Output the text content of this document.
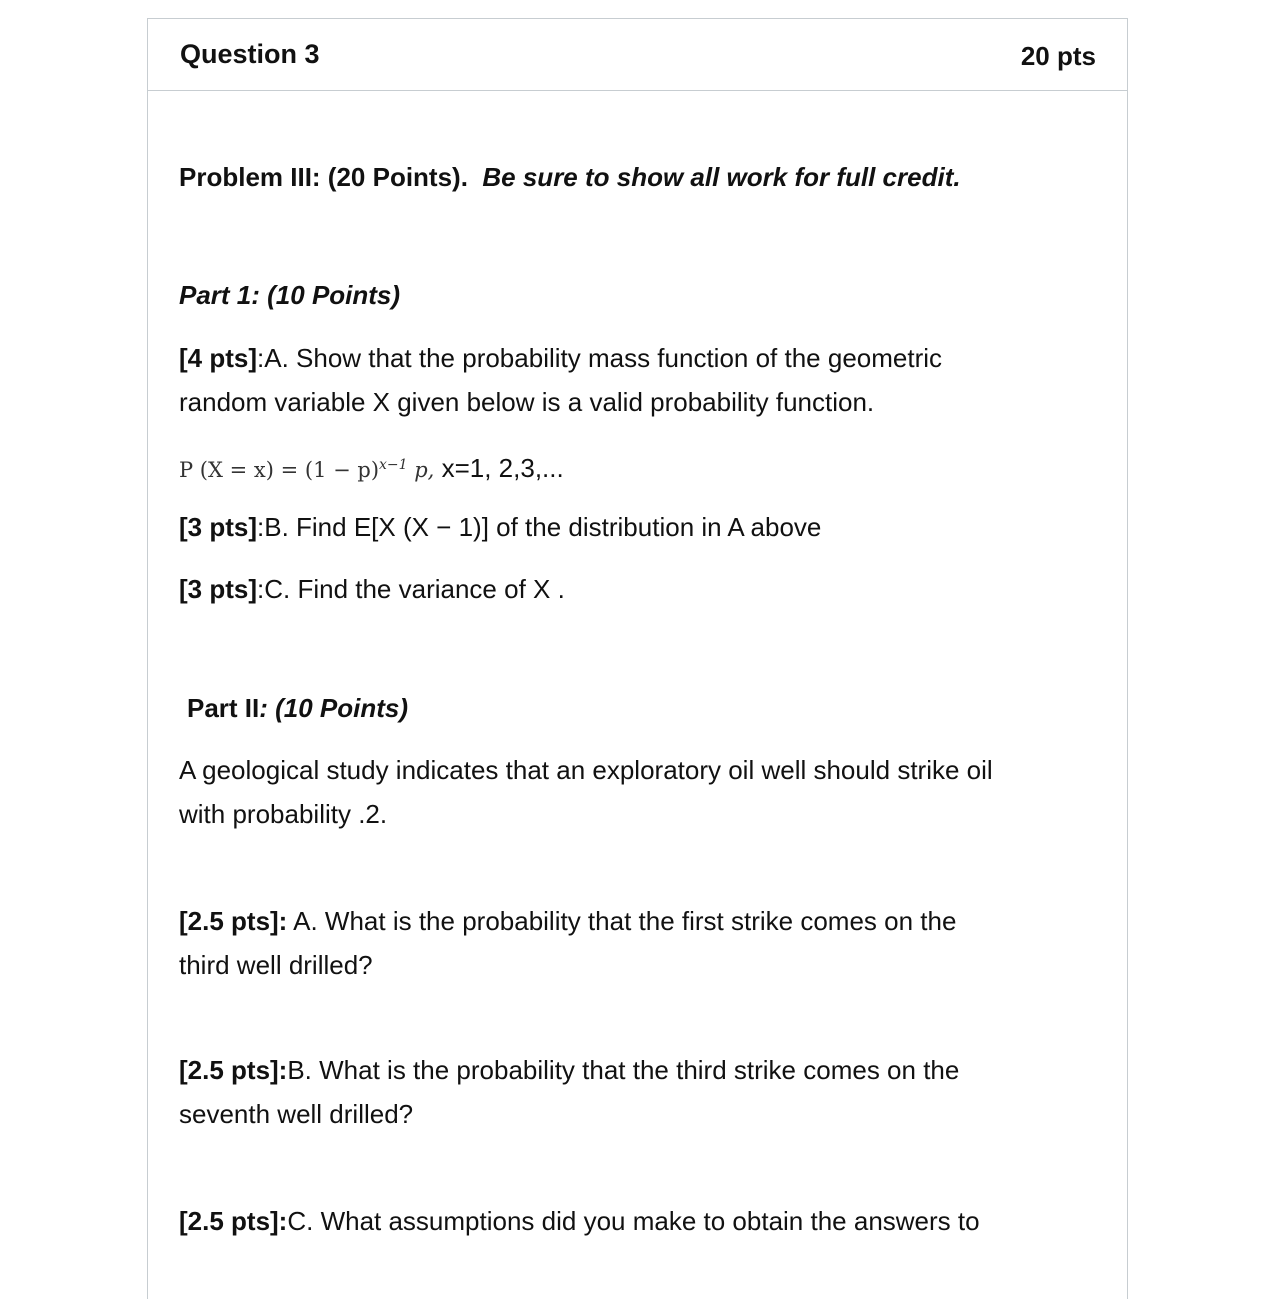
Question 3	20 pts
Problem III: (20 Points). Be sure to show all work for full credit.
Part 1: (10 Points)
[4 pts]:A. Show that the probability mass function of the geometric
random variable X given below is a valid probability function.
P $(X = x) = (1 - p)^{x-1}$ p, x=1, 2,3,...
[3 pts]:B. Find E[X (X − 1)] of the distribution in A above
[3 pts]:C. Find the variance of X .
Part II: (10 Points)
A geological study indicates that an exploratory oil well should strike oil
with probability .2.
[2.5 pts]: A. What is the probability that the first strike comes on the
third well drilled?
[2.5 pts]:B. What is the probability that the third strike comes on the
seventh well drilled?
[2.5 pts]:C. What assumptions did you make to obtain the answers to
